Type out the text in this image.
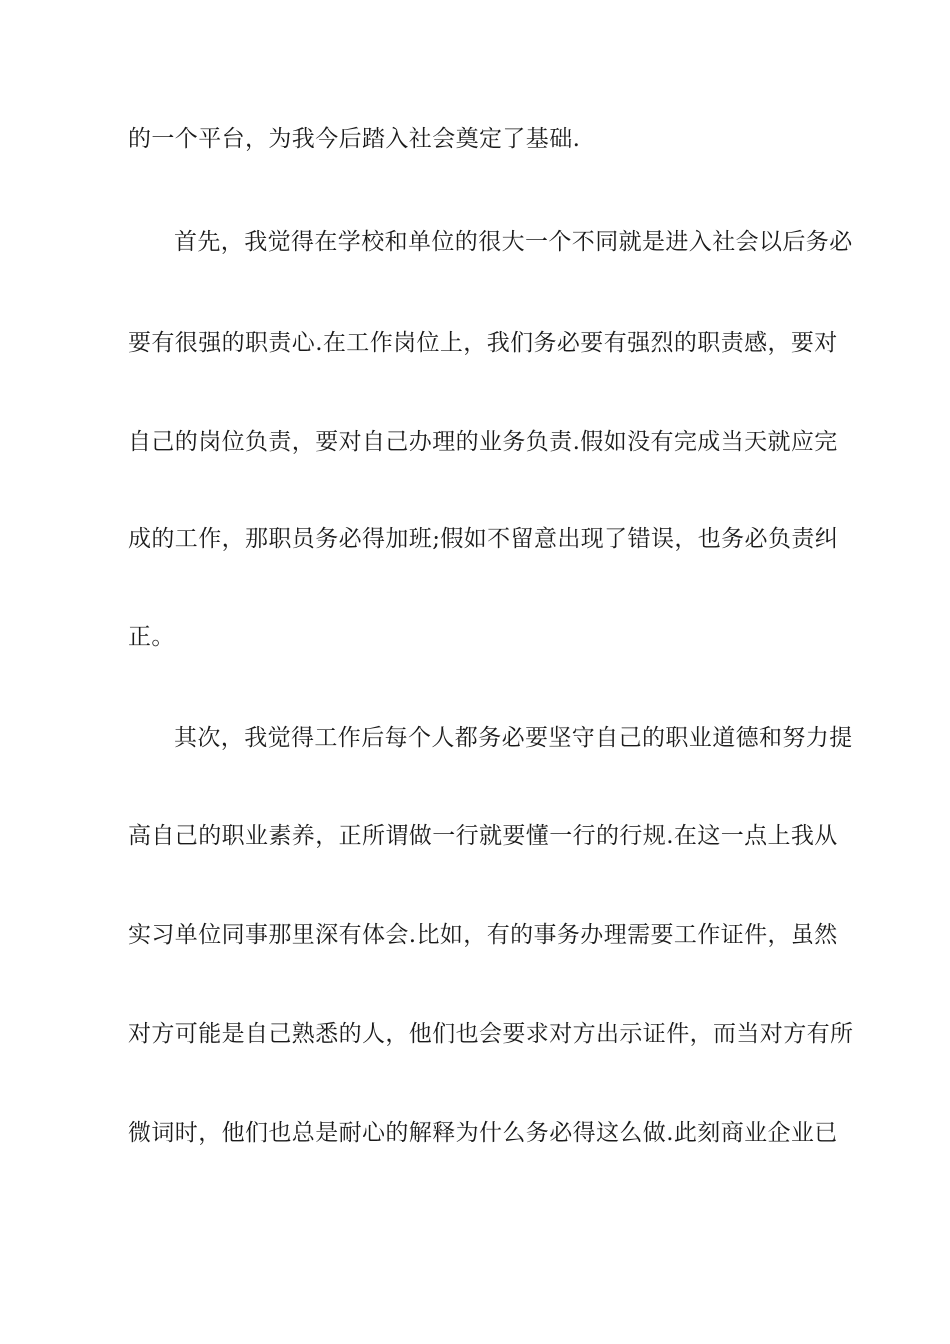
的一个平台，为我今后踏入社会奠定了基础.
首先，我觉得在学校和单位的很大一个不同就是进入社会以后务必
要有很强的职责心.在工作岗位上，我们务必要有强烈的职责感，要对
自己的岗位负责，要对自己办理的业务负责.假如没有完成当天就应完
成的工作，那职员务必得加班;假如不留意出现了错误，也务必负责纠
正。
其次，我觉得工作后每个人都务必要坚守自己的职业道德和努力提
高自己的职业素养，正所谓做一行就要懂一行的行规.在这一点上我从
实习单位同事那里深有体会.比如，有的事务办理需要工作证件，虽然
对方可能是自己熟悉的人，他们也会要求对方出示证件，而当对方有所
微词时，他们也总是耐心的解释为什么务必得这么做.此刻商业企业已
